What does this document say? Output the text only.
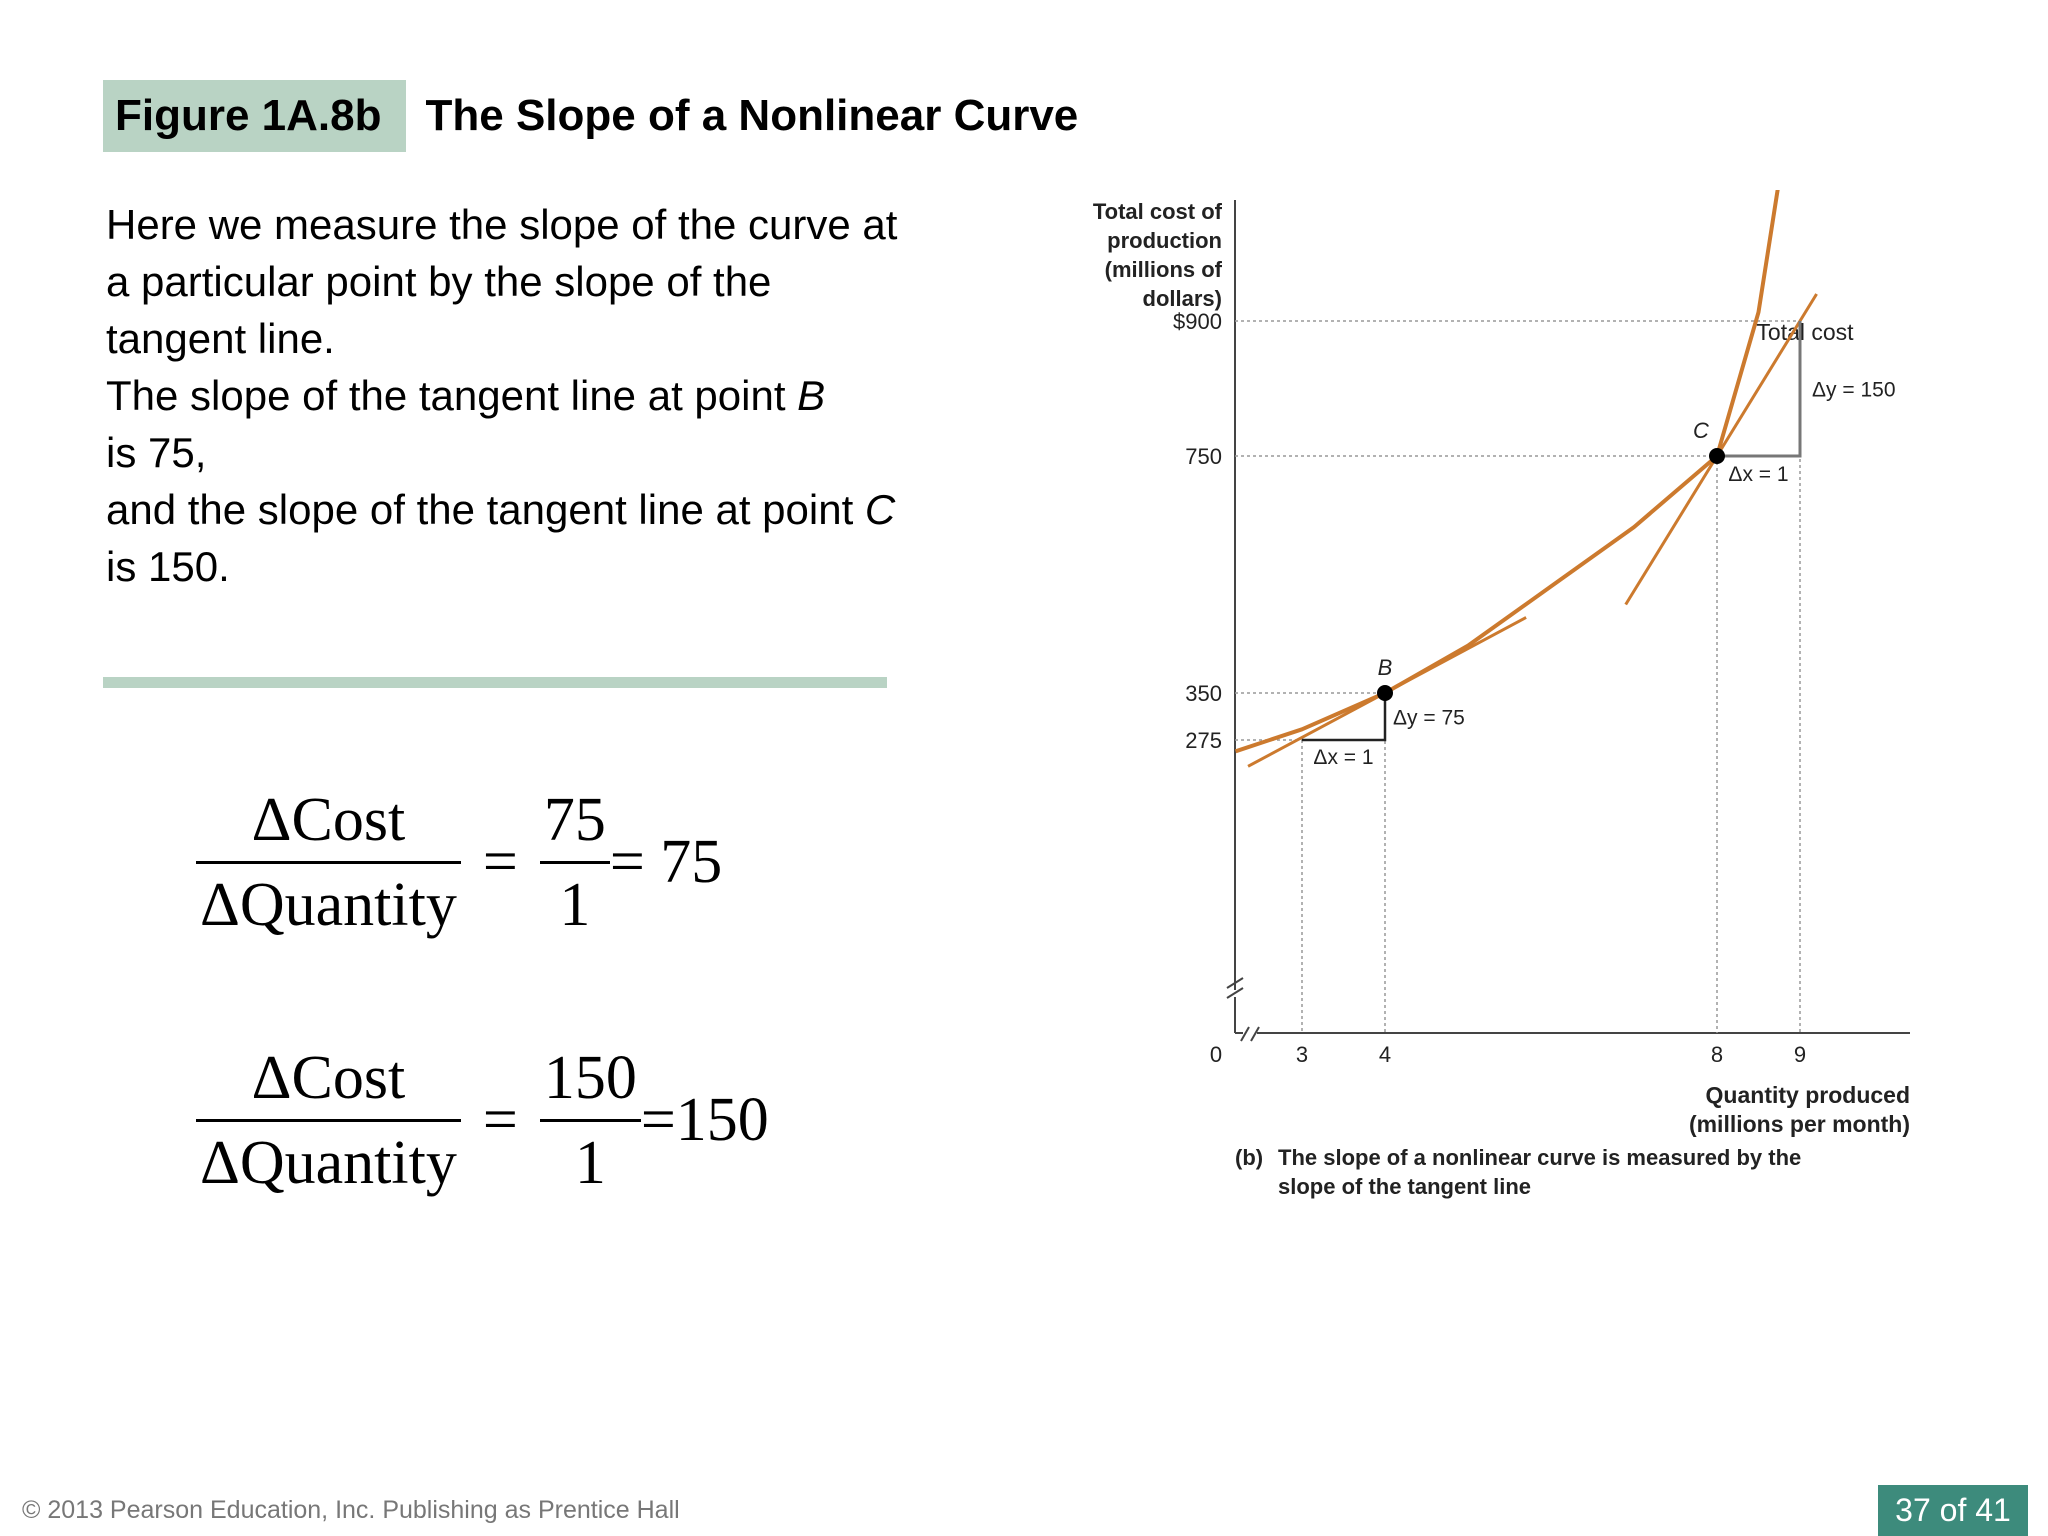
Figure 1A.8b	The Slope of a Nonlinear Curve

Here we measure the slope of the curve at a particular point by the slope of the tangent line.

The slope of the tangent line at point B
is 75,

and the slope of the tangent line at point C is 150.

$\frac{\text{ΔCost}}{\text{ΔQuantity}} = \frac{75}{1} = 75$
$\frac{\text{ΔCost}}{\text{ΔQuantity}} = \frac{150}{1} =150$
Total cost of
production
(millions of
dollars)
0
275
350
750
$900
3	4	8	9
Total cost
Δx = 1
Δy = 75
Δx = 1
Δy = 150
B
C
Quantity produced
(millions per month)
(b) The slope of a nonlinear curve is measured by the
slope of the tangent line
© 2013 Pearson Education, Inc. Publishing as Prentice Hall	37 of 41
